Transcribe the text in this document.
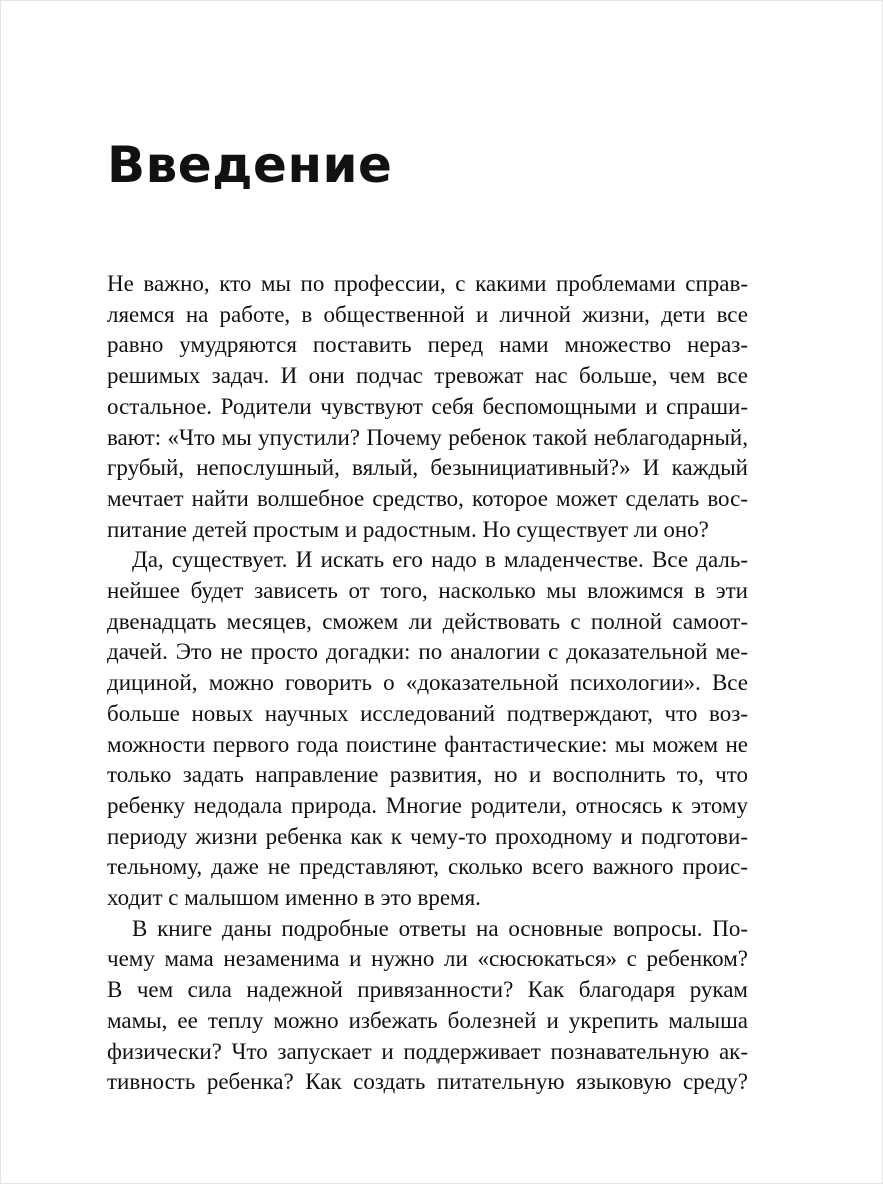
Введение

Не важно, кто мы по профессии, с какими проблемами справ-
ляемся на работе, в общественной и личной жизни, дети все
равно умудряются поставить перед нами множество нераз-
решимых задач. И они подчас тревожат нас больше, чем все
остальное. Родители чувствуют себя беспомощными и спраши-
вают: «Что мы упустили? Почему ребенок такой неблагодарный,
грубый, непослушный, вялый, безынициативный?» И каждый
мечтает найти волшебное средство, которое может сделать вос-
питание детей простым и радостным. Но существует ли оно?

Да, существует. И искать его надо в младенчестве. Все даль-
нейшее будет зависеть от того, насколько мы вложимся в эти
двенадцать месяцев, сможем ли действовать с полной самоот-
дачей. Это не просто догадки: по аналогии с доказательной ме-
дициной, можно говорить о «доказательной психологии». Все
больше новых научных исследований подтверждают, что воз-
можности первого года поистине фантастические: мы можем не
только задать направление развития, но и восполнить то, что
ребенку недодала природа. Многие родители, относясь к этому
периоду жизни ребенка как к чему-то проходному и подготови-
тельному, даже не представляют, сколько всего важного проис-
ходит с малышом именно в это время.

В книге даны подробные ответы на основные вопросы. По-
чему мама незаменима и нужно ли «сюсюкаться» с ребенком?
В чем сила надежной привязанности? Как благодаря рукам
мамы, ее теплу можно избежать болезней и укрепить малыша
физически? Что запускает и поддерживает познавательную ак-
тивность ребенка? Как создать питательную языковую среду?
